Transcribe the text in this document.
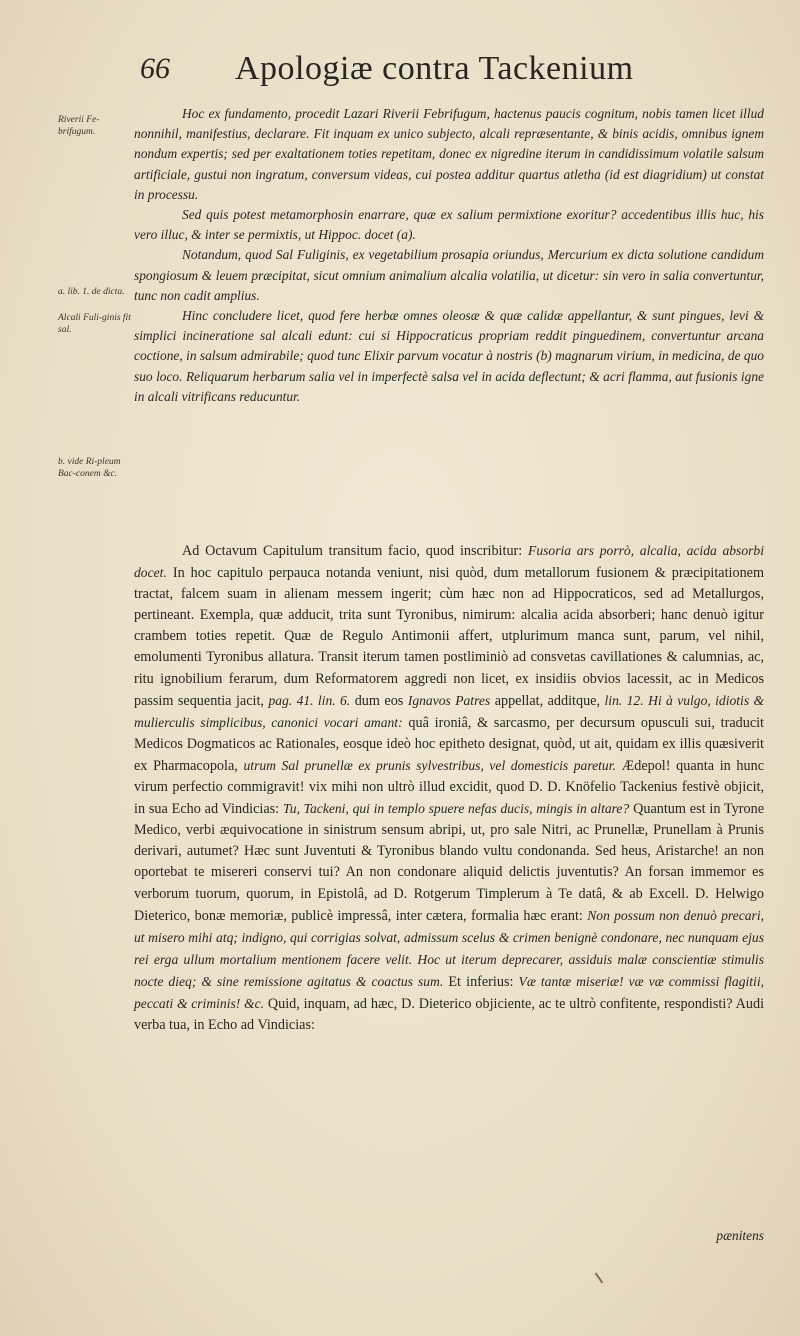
66 Apologiæ contra Tackenium
Riverii Fe-brifugum.
a. lib. 1. de dicta.
Alcali Fuli-ginis fit sal.
b. vide Ri-pleum Bac-conem &c.

Hoc ex fundamento, procedit Lazari Riverii Febrifugum, hactenus paucis cognitum, nobis tamen licet illud nonnihil, manifestius, declarare. Fit inquam ex unico subjecto, alcali repræsentante, & binis acidis, omnibus ignem nondum expertis; sed per exaltationem toties repetitam, donec ex nigredine iterum in candidissimum volatile salsum artificiale, gustui non ingratum, conversum videas, cui postea additur quartus atletha (id est diagridium) ut constat in processu.

Sed quis potest metamorphosin enarrare, quæ ex salium permixtione exoritur? accedentibus illis huc, his vero illuc, & inter se permixtis, ut Hippoc. docet (a).

Notandum, quod Sal Fuliginis, ex vegetabilium prosapia oriundus, Mercurium ex dicta solutione candidum spongiosum & leuem præcipitat, sicut omnium animalium alcalia volatilia, ut dicetur: sin vero in salia convertuntur, tunc non cadit amplius.

Hinc concludere licet, quod fere herbæ omnes oleosæ & quæ calidæ appellantur, & sunt pingues, levi & simplici incineratione sal alcali edunt: cui si Hippocraticus propriam reddit pinguedinem, convertuntur arcana coctione, in salsum admirabile; quod tunc Elixir parvum vocatur à nostris (b) magnarum virium, in medicina, de quo suo loco. Reliquarum herbarum salia vel in imperfectè salsa vel in acida deflectunt; & acri flamma, aut fusionis igne in alcali vitrificans reducuntur.

Ad Octavum Capitulum transitum facio, quod inscribitur: Fusoria ars porrò, alcalia, acida absorbi docet. In hoc capitulo perpauca notanda veniunt, nisi quòd, dum metallorum fusionem & præcipitationem tractat, falcem suam in alienam messem ingerit; cùm hæc non ad Hippocraticos, sed ad Metallurgos, pertineant. Exempla, quæ adducit, trita sunt Tyronibus, nimirum: alcalia acida absorberi; hanc denuò igitur crambem toties repetit. Quæ de Regulo Antimonii affert, utplurimum manca sunt, parum, vel nihil, emolumenti Tyronibus allatura. Transit iterum tamen postliminiò ad consvetas cavillationes & calumnias, ac, ritu ignobilium ferarum, dum Reformatorem aggredi non licet, ex insidiis obvios lacessit, ac in Medicos passim sequentia jacit, pag. 41. lin. 6. dum eos Ignavos Patres appellat, additque, lin. 12. Hi à vulgo, idiotis & mulierculis simplicibus, canonici vocari amant: quâ ironiâ, & sarcasmo, per decursum opusculi sui, traducit Medicos Dogmaticos ac Rationales, eosque ideò hoc epitheto designat, quòd, ut ait, quidam ex illis quæsiverit ex Pharmacopola, utrum Sal prunellæ ex prunis sylvestribus, vel domesticis paretur. Ædepol! quanta in hunc virum perfectio commigravit! vix mihi non ultrò illud excidit, quod D. D. Knöfelio Tackenius festivè objicit, in sua Echo ad Vindicias: Tu, Tackeni, qui in templo spuere nefas ducis, mingis in altare? Quantum est in Tyrone Medico, verbi æquivocatione in sinistrum sensum abripi, ut, pro sale Nitri, ac Prunellæ, Prunellam à Prunis derivari, autumet? Hæc sunt Juventuti & Tyronibus blando vultu condonanda. Sed heus, Aristarche! an non oportebat te misereri conservi tui? An non condonare aliquid delictis juventutis? An forsan immemor es verborum tuorum, quorum, in Epistolâ, ad D. Rotgerum Timplerum à Te datâ, & ab Excell. D. Helwigo Dieterico, bonæ memoriæ, publicè impressâ, inter cætera, formalia hæc erant: Non possum non denuò precari, ut misero mihi atq; indigno, qui corrigias solvat, admissum scelus & crimen benignè condonare, nec nunquam ejus rei erga ullum mortalium mentionem facere velit. Hoc ut iterum deprecarer, assiduis malæ conscientiæ stimulis nocte dieq; & sine remissione agitatus & coactus sum. Et inferius: Væ tantæ miseriæ! væ væ commissi flagitii, peccati & criminis! &c. Quid, inquam, ad hæc, D. Dieterico objiciente, ac te ultrò confitente, respondisti? Audi verba tua, in Echo ad Vindicias:

pænitens
